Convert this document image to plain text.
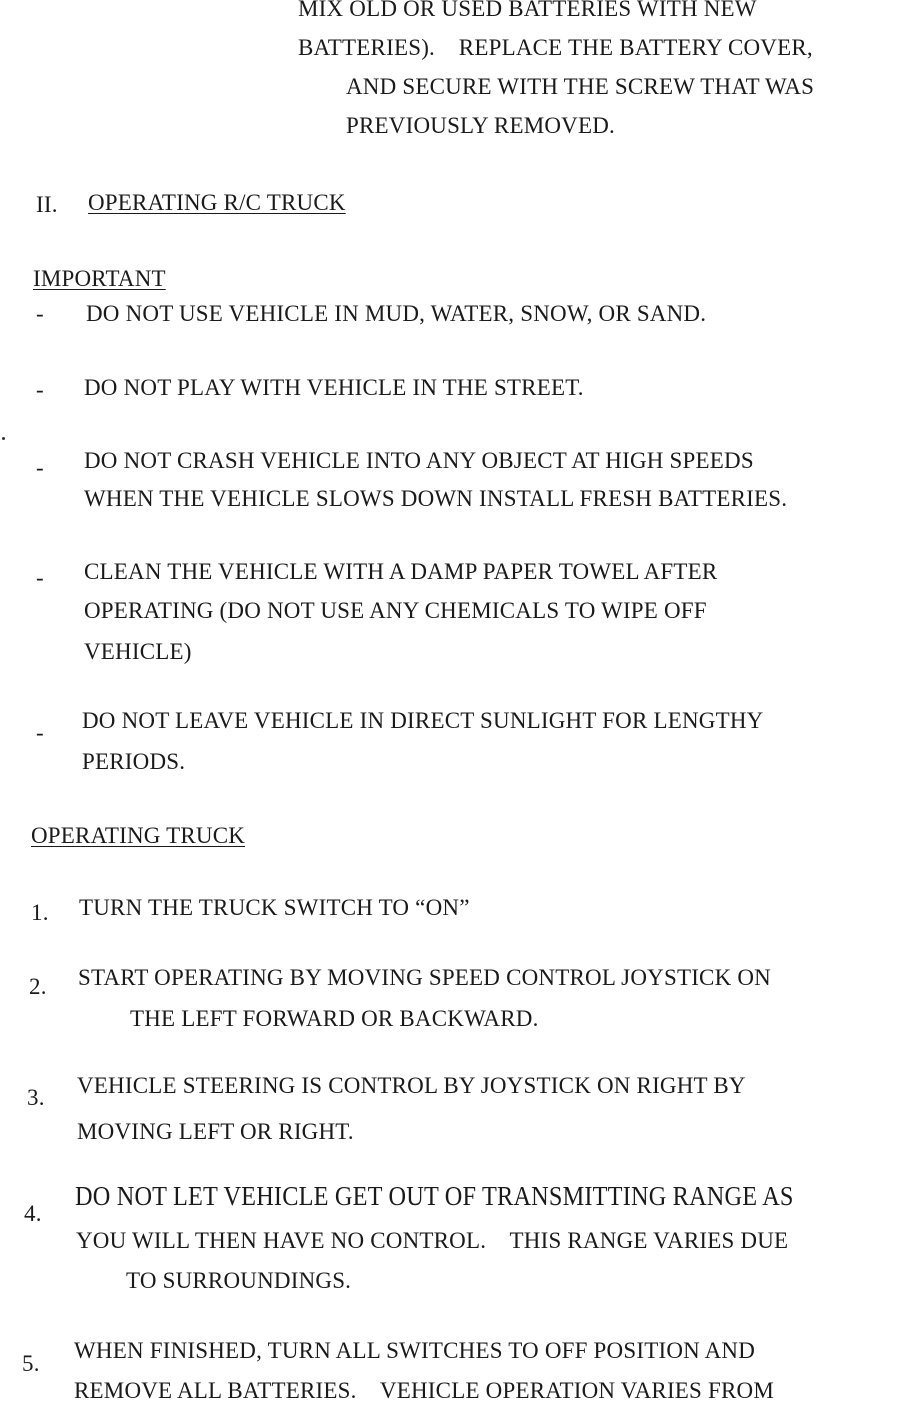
MIX OLD OR USED BATTERIES WITH NEW
BATTERIES).    REPLACE THE BATTERY COVER,
AND SECURE WITH THE SCREW THAT WAS
PREVIOUSLY REMOVED.
II. OPERATING R/C TRUCK
IMPORTANT
- DO NOT USE VEHICLE IN MUD, WATER, SNOW, OR SAND.
- DO NOT PLAY WITH VEHICLE IN THE STREET.
- DO NOT CRASH VEHICLE INTO ANY OBJECT AT HIGH SPEEDS
WHEN THE VEHICLE SLOWS DOWN INSTALL FRESH BATTERIES.
- CLEAN THE VEHICLE WITH A DAMP PAPER TOWEL AFTER
OPERATING (DO NOT USE ANY CHEMICALS TO WIPE OFF
VEHICLE)
- DO NOT LEAVE VEHICLE IN DIRECT SUNLIGHT FOR LENGTHY
PERIODS.
OPERATING TRUCK
1. TURN THE TRUCK SWITCH TO “ON”
2. START OPERATING BY MOVING SPEED CONTROL JOYSTICK ON
THE LEFT FORWARD OR BACKWARD.
3. VEHICLE STEERING IS CONTROL BY JOYSTICK ON RIGHT BY
MOVING LEFT OR RIGHT.
4.
DO NOT LET VEHICLE GET OUT OF TRANSMITTING RANGE AS
YOU WILL THEN HAVE NO CONTROL.    THIS RANGE VARIES DUE
TO SURROUNDINGS.
5.
WHEN FINISHED, TURN ALL SWITCHES TO OFF POSITION AND
REMOVE ALL BATTERIES.    VEHICLE OPERATION VARIES FROM
